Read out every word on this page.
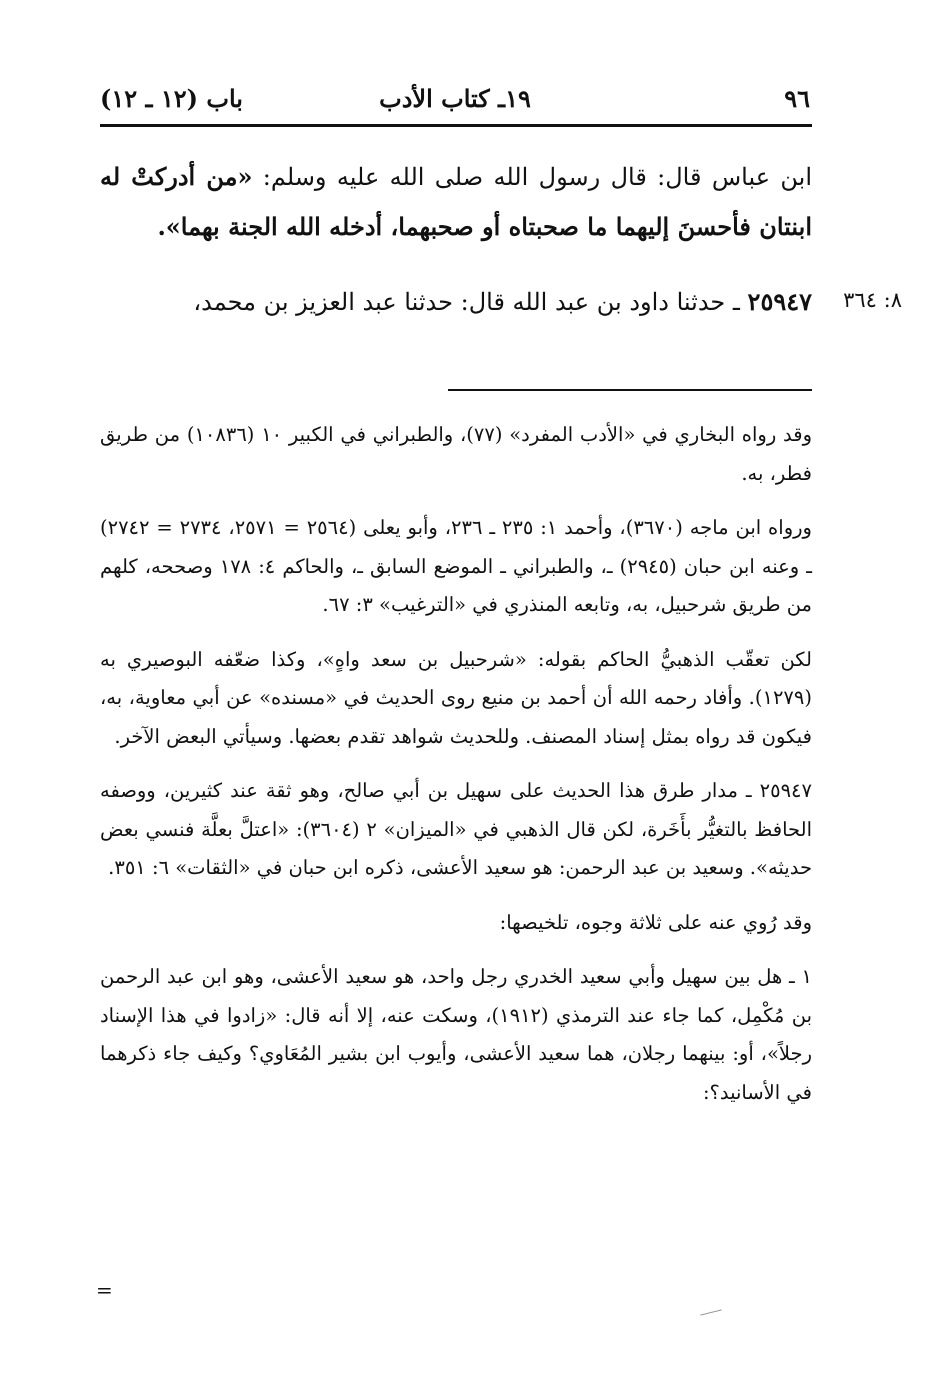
٩٦
١٩ـ كتاب الأدب
باب (١٢ ـ ١٢)
ابن عباس قال: قال رسول الله صلى الله عليه وسلم: «من أدركتْ له ابنتان فأحسنَ إليهما ما صحبتاه أو صحبهما، أدخله الله الجنة بهما».
٢٥٩٤٧ ـ حدثنا داود بن عبد الله قال: حدثنا عبد العزيز بن محمد،	٨: ٣٦٤

وقد رواه البخاري في «الأدب المفرد» (٧٧)، والطبراني في الكبير ١٠ (١٠٨٣٦) من طريق فطر، به.

ورواه ابن ماجه (٣٦٧٠)، وأحمد ١: ٢٣٥ ـ ٢٣٦، وأبو يعلى (٢٥٦٤ = ٢٥٧١، ٢٧٣٤ = ٢٧٤٢) ـ وعنه ابن حبان (٢٩٤٥) ـ، والطبراني ـ الموضع السابق ـ، والحاكم ٤: ١٧٨ وصححه، كلهم من طريق شرحبيل، به، وتابعه المنذري في «الترغيب» ٣: ٦٧.

لكن تعقّب الذهبيُّ الحاكم بقوله: «شرحبيل بن سعد واهٍ»، وكذا ضعّفه البوصيري به (١٢٧٩). وأفاد رحمه الله أن أحمد بن منيع روى الحديث في «مسنده» عن أبي معاوية، به، فيكون قد رواه بمثل إسناد المصنف. وللحديث شواهد تقدم بعضها. وسيأتي البعض الآخر.

٢٥٩٤٧ ـ مدار طرق هذا الحديث على سهيل بن أبي صالح، وهو ثقة عند كثيرين، ووصفه الحافظ بالتغيُّر بأَخَرة، لكن قال الذهبي في «الميزان» ٢ (٣٦٠٤): «اعتلَّ بعلَّة فنسي بعض حديثه». وسعيد بن عبد الرحمن: هو سعيد الأعشى، ذكره ابن حبان في «الثقات» ٦: ٣٥١.

وقد رُوي عنه على ثلاثة وجوه، تلخيصها:

١ ـ هل بين سهيل وأبي سعيد الخدري رجل واحد، هو سعيد الأعشى، وهو ابن عبد الرحمن بن مُكْمِل، كما جاء عند الترمذي (١٩١٢)، وسكت عنه، إلا أنه قال: «زادوا في هذا الإسناد رجلاً»، أو: بينهما رجلان، هما سعيد الأعشى، وأيوب ابن بشير المُعَاوي؟ وكيف جاء ذكرهما في الأسانيد؟:

=
